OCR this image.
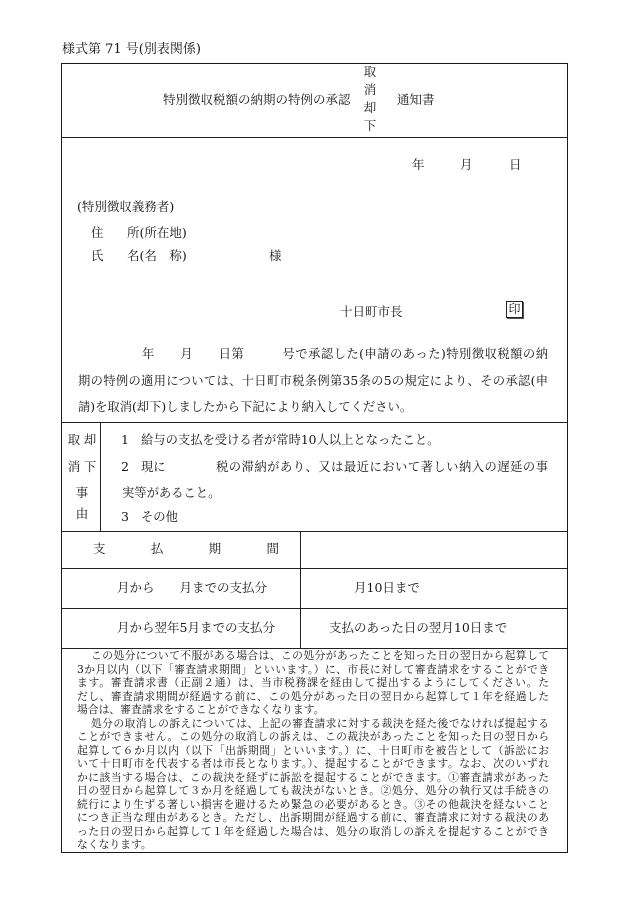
様式第 71 号(別表関係)
特別徴収税額の納期の特例の承認
取消
却下
通知書
年	月	日
(特別徴収義務者)
住 所(所在地)
氏 名(名　称)	様
十日町市長	印
年　　月　　日第　　　号で承認した(申請のあった)特別徴収税額の納
期の特例の適用については、十日町市税条例第35条の5の規定により、その承認(申
請)を取消(却下)しましたから下記により納入してください。
取消
却下
事由
1 給与の支払を受ける者が常時10人以上となったこと。
2 現に	税の滞納があり、又は最近において著しい納入の遅延の事
実等があること。
3 その他
支　　払　　期　　間
月から　　月までの支払分	月10日まで
月から翌年5月までの支払分	支払のあった日の翌月10日まで
この処分について不服がある場合は、この処分があったことを知った日の翌日から起算して
3か月以内（以下「審査請求期間」といいます。）に、市長に対して審査請求をすることができ
ます。審査請求書（正副２通）は、当市税務課を経由して提出するようにしてください。た
だし、審査請求期間が経過する前に、この処分があった日の翌日から起算して１年を経過した
場合は、審査請求をすることができなくなります。
処分の取消しの訴えについては、上記の審査請求に対する裁決を経た後でなければ提起する
ことができません。この処分の取消しの訴えは、この裁決があったことを知った日の翌日から
起算して６か月以内（以下「出訴期間」といいます。）に、十日町市を被告として（訴訟にお
いて十日町市を代表する者は市長となります。）、提起することができます。なお、次のいずれ
かに該当する場合は、この裁決を経ずに訴訟を提起することができます。①審査請求があった
日の翌日から起算して３か月を経過しても裁決がないとき。②処分、処分の執行又は手続きの
続行により生ずる著しい損害を避けるため緊急の必要があるとき。③その他裁決を経ないこと
につき正当な理由があるとき。ただし、出訴期間が経過する前に、審査請求に対する裁決のあ
った日の翌日から起算して１年を経過した場合は、処分の取消しの訴えを提起することができ
なくなります。
